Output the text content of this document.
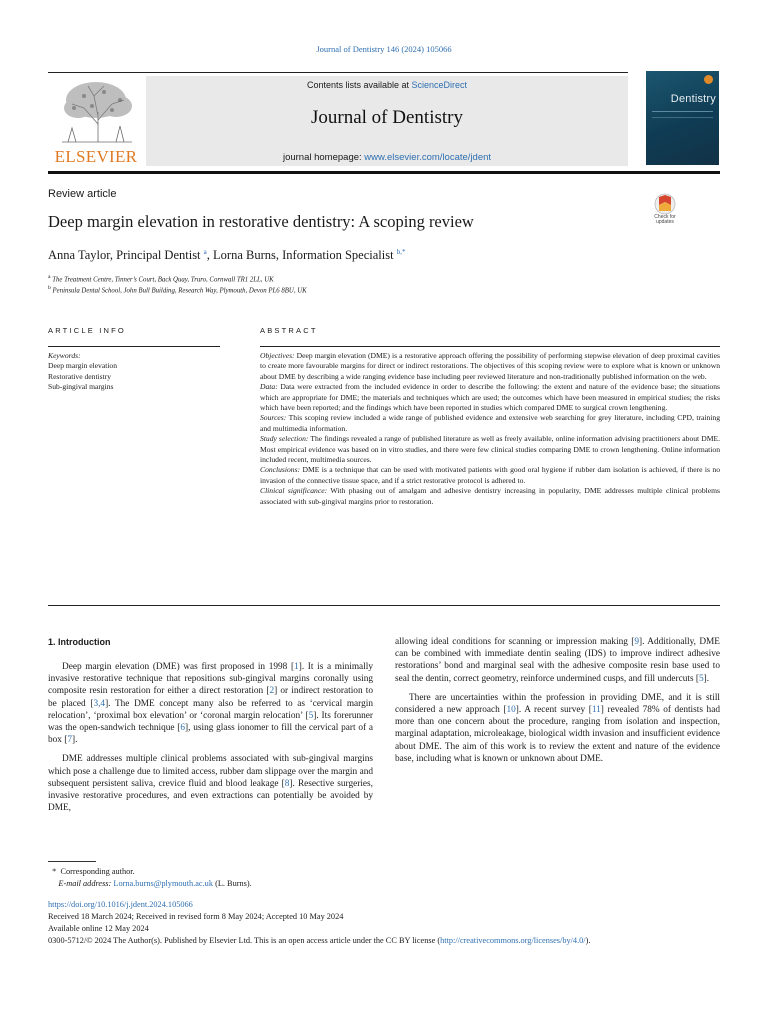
Journal of Dentistry 146 (2024) 105066
ELSEVIER
Contents lists available at ScienceDirect
Journal of Dentistry
journal homepage: www.elsevier.com/locate/jdent
Dentistry
Review article
Deep margin elevation in restorative dentistry: A scoping review	Check for
updates
Anna Taylor, Principal Dentist $^a$, Lorna Burns, Information Specialist $^{b,*}$
$^a$ The Treatment Centre, Tinner’s Court, Back Quay, Truro, Cornwall TR1 2LL, UK
$^b$ Peninsula Dental School, John Bull Building, Research Way, Plymouth, Devon PL6 8BU, UK
ARTICLE INFO	ABSTRACT
Keywords:
Deep margin elevation
Restorative dentistry
Sub-gingival margins

Objectives: Deep margin elevation (DME) is a restorative approach offering the possibility of performing stepwise elevation of deep proximal cavities to create more favourable margins for direct or indirect restorations. The objectives of this scoping review were to explore what is known or unknown about DME by describing a wide ranging evidence base including peer reviewed literature and non-traditionally published information on the web.

Data: Data were extracted from the included evidence in order to describe the following: the extent and nature of the evidence base; the situations which are appropriate for DME; the materials and techniques which are used; the outcomes which have been measured in empirical studies; the risks which have been reported; and the findings which have been reported in studies which compared DME to surgical crown lengthening.

Sources: This scoping review included a wide range of published evidence and extensive web searching for grey literature, including CPD, training and multimedia information.

Study selection: The findings revealed a range of published literature as well as freely available, online information advising practitioners about DME. Most empirical evidence was based on in vitro studies, and there were few clinical studies comparing DME to crown lengthening. Online information included recent, multimedia sources.

Conclusions: DME is a technique that can be used with motivated patients with good oral hygiene if rubber dam isolation is achieved, if there is no invasion of the connective tissue space, and if a strict restorative protocol is adhered to.

Clinical significance: With phasing out of amalgam and adhesive dentistry increasing in popularity, DME addresses multiple clinical problems associated with sub-gingival margins prior to restoration.

1. Introduction

Deep margin elevation (DME) was first proposed in 1998 [1]. It is a minimally invasive restorative technique that repositions sub-gingival margins coronally using composite resin restoration for either a direct restoration [2] or indirect restoration to be placed [3,4]. The DME concept many also be referred to as ‘cervical margin relocation’, ‘proximal box elevation’ or ‘coronal margin relocation’ [5]. Its forerunner was the open-sandwich technique [6], using glass ionomer to fill the cervical part of a box [7].

DME addresses multiple clinical problems associated with sub-gingival margins which pose a challenge due to limited access, rubber dam slippage over the margin and subsequent persistent saliva, crevice fluid and blood leakage [8]. Resective surgeries, invasive restorative procedures, and even extractions can potentially be avoided by DME,

allowing ideal conditions for scanning or impression making [9]. Additionally, DME can be combined with immediate dentin sealing (IDS) to improve indirect adhesive restorations’ bond and marginal seal with the adhesive composite resin base used to seal the dentin, correct geometry, reinforce undermined cusps, and fill undercuts [5].

There are uncertainties within the profession in providing DME, and it is still considered a new approach [10]. A recent survey [11] revealed 78% of dentists had more than one concern about the procedure, ranging from isolation and inspection, marginal adaptation, microleakage, biological width invasion and insufficient evidence about DME. The aim of this work is to review the extent and nature of the evidence base, including what is known or unknown about DME.

*  Corresponding author.
E-mail address: Lorna.burns@plymouth.ac.uk (L. Burns).
https://doi.org/10.1016/j.jdent.2024.105066
Received 18 March 2024; Received in revised form 8 May 2024; Accepted 10 May 2024
Available online 12 May 2024
0300-5712/© 2024 The Author(s). Published by Elsevier Ltd. This is an open access article under the CC BY license (http://creativecommons.org/licenses/by/4.0/).
